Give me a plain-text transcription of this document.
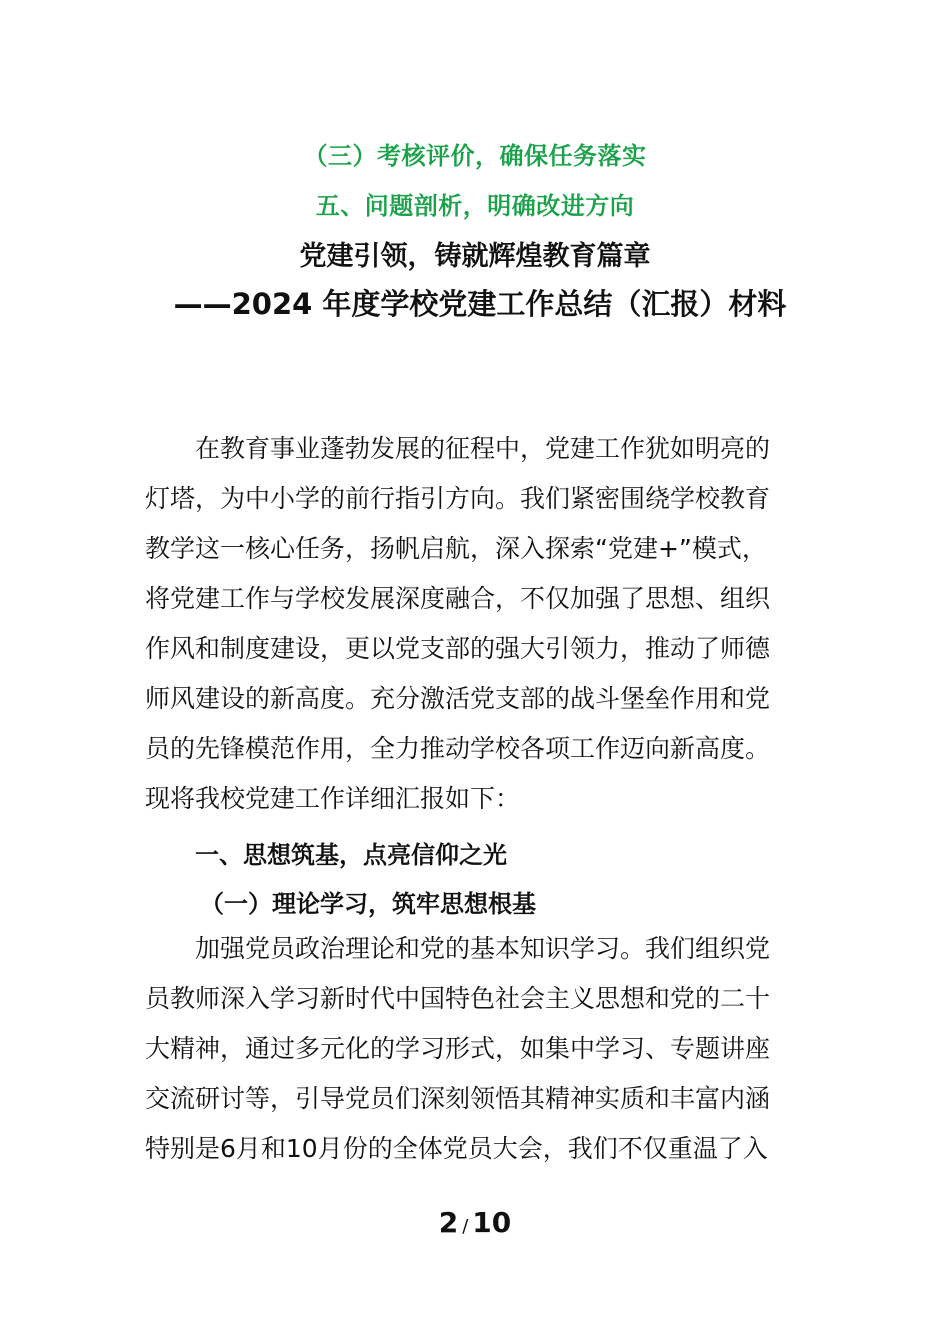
（三）考核评价，确保任务落实
五、问题剖析，明确改进方向
党建引领，铸就辉煌教育篇章
——2024 年度学校党建工作总结（汇报）材料
在教育事业蓬勃发展的征程中，党建工作犹如明亮的
灯塔，为中小学的前行指引方向。我们紧密围绕学校教育
教学这一核心任务，扬帆启航，深入探索“党建+”模式，
将党建工作与学校发展深度融合，不仅加强了思想、组织
作风和制度建设，更以党支部的强大引领力，推动了师德
师风建设的新高度。充分激活党支部的战斗堡垒作用和党
员的先锋模范作用，全力推动学校各项工作迈向新高度。
现将我校党建工作详细汇报如下：
一、思想筑基，点亮信仰之光
（一）理论学习，筑牢思想根基
加强党员政治理论和党的基本知识学习。我们组织党
员教师深入学习新时代中国特色社会主义思想和党的二十
大精神，通过多元化的学习形式，如集中学习、专题讲座
交流研讨等，引导党员们深刻领悟其精神实质和丰富内涵
特别是6月和10月份的全体党员大会，我们不仅重温了入
2 / 10
